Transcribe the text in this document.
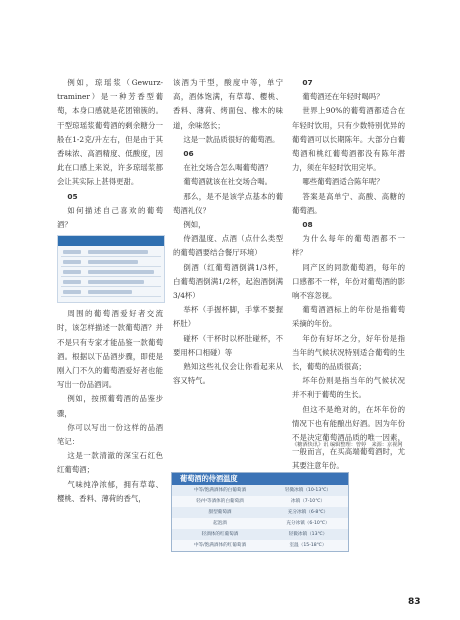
例如，琼瑶浆（Gewurz-traminer）是一种芳香型葡萄，本身口感就是花团锦簇的。干型琼瑶浆葡萄酒的剩余糖分一般在1-2克/升左右，但是由于其香味浓、高酒精度、低酸度，因此在口感上来说，许多琼瑶浆都会让其实际上甚得更甜。

05

如何描述自己喜欢的葡萄酒？

周围的葡萄酒爱好者交流时，该怎样描述一款葡萄酒？并不是只有专家才能品鉴一款葡萄酒。根据以下品酒步骤，即使是刚入门不久的葡萄酒爱好者也能写出一份品酒词。

例如，按照葡萄酒的品鉴步骤，

你可以写出一份这样的品酒笔记：

这是一款清澈的深宝石红色红葡萄酒；

气味纯净浓郁，拥有草莓、樱桃、香料、薄荷的香气，

该酒为干型，酸度中等，单宁高，酒体饱满，有草莓、樱桃、香料、薄荷、烤面包、橡木的味道，余味悠长；

这是一款品质很好的葡萄酒。

06

在社交场合怎么喝葡萄酒？

葡萄酒就该在社交场合喝。

那么，是不是该学点基本的葡萄酒礼仪？

例如，

侍酒温度、点酒（点什么类型的葡萄酒要结合餐厅环境）

倒酒（红葡萄酒倒满1/3杯，白葡萄酒倒满1/2杯，起泡酒倒满3/4杯）

举杯（手握杯脚，手掌不要握杯肚）

碰杯（干杯时以杯肚碰杯，不要用杯口相碰）等

熟知这些礼仪会让你看起来从容又特气。

07

葡萄酒还在年轻时喝吗？

世界上90%的葡萄酒都适合在年轻时饮用，只有少数特别优异的葡萄酒可以长期陈年。大部分白葡萄酒和桃红葡萄酒都没有陈年潜力，须在年轻时饮用完毕。

哪些葡萄酒适合陈年呢？

答案是高单宁、高酸、高糖的葡萄酒。

08

为什么每年的葡萄酒都不一样？

同产区的同款葡萄酒，每年的口感都不一样，年份对葡萄酒的影响不容忽视。

葡萄酒酒标上的年份是指葡萄采摘的年份。

年份有好坏之分，好年份是指当年的气候状况特别适合葡萄的生长，葡萄的品质很高；

坏年份则是指当年的气候状况并不利于葡萄的生长。

但这不是绝对的，在坏年份的情况下也有能酿出好酒。因为年份不是决定葡萄酒品质的唯一因素，一般而言，在买高端葡萄酒时，尤其要注意年份。

《糖酒快讯》讯 编辑整理：曾婷　来源：京视网
葡萄酒的侍酒温度
中等/饱满酒体的白葡萄酒	轻微冰镇（10-13℃）
轻/中等酒体的白葡萄酒	冰镇（7-10℃）
甜型葡萄酒	充分冰镇（6-8℃）
起泡酒	充分冰镇（6-10℃）
轻酒体的红葡萄酒	轻微冰镇（13℃）
中等/饱满酒体的红葡萄酒	室温（15-18℃）
83
